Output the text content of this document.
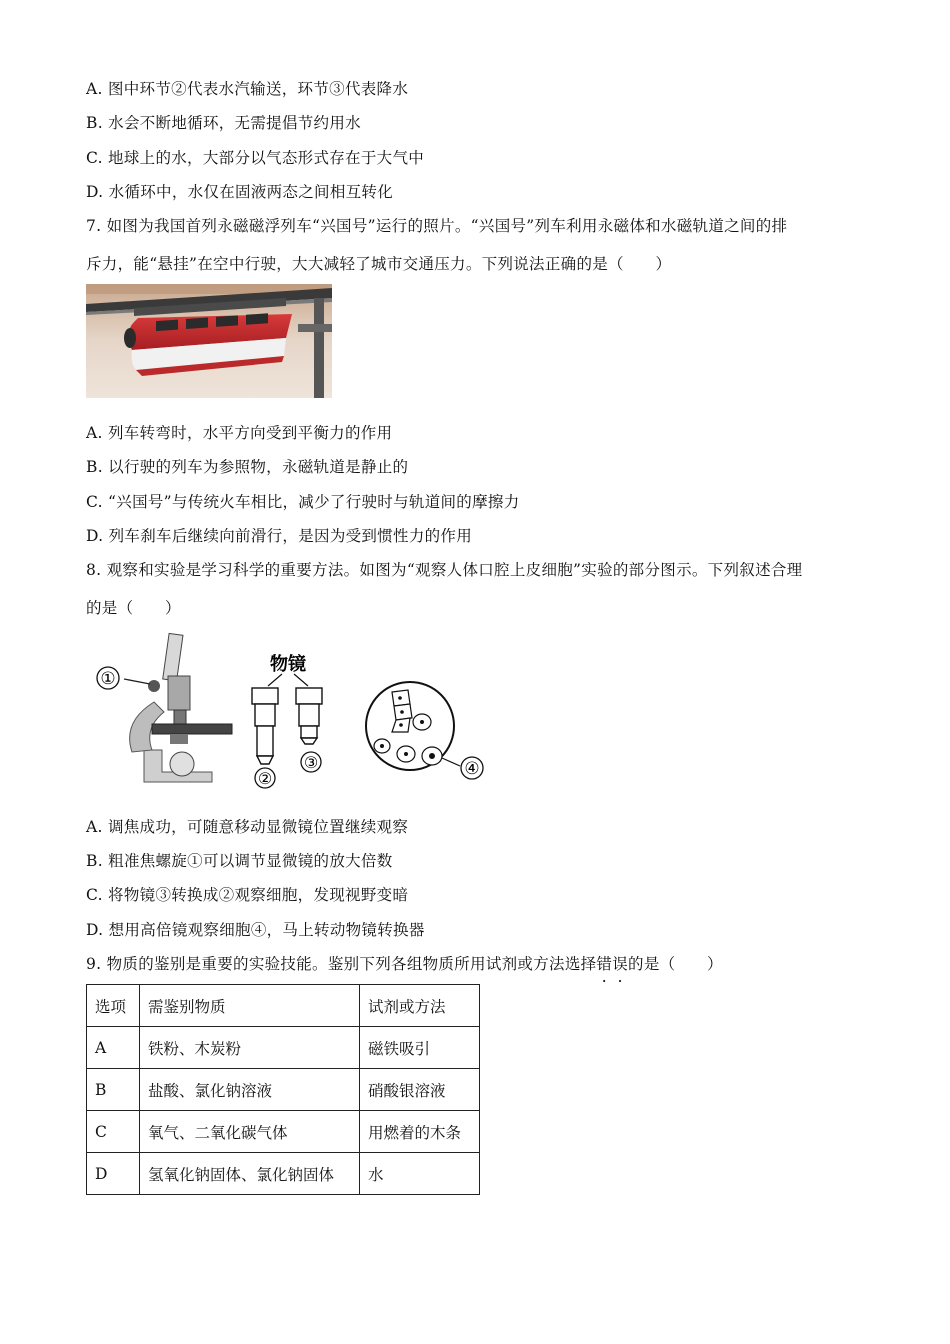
A. 图中环节②代表水汽输送，环节③代表降水
B. 水会不断地循环，无需提倡节约用水
C. 地球上的水，大部分以气态形式存在于大气中
D. 水循环中，水仅在固液两态之间相互转化
7. 如图为我国首列永磁磁浮列车“兴国号”运行的照片。“兴国号”列车利用永磁体和水磁轨道之间的排
斥力，能“悬挂”在空中行驶，大大减轻了城市交通压力。下列说法正确的是（　　）
A. 列车转弯时，水平方向受到平衡力的作用
B. 以行驶的列车为参照物，永磁轨道是静止的
C. “兴国号”与传统火车相比，减少了行驶时与轨道间的摩擦力
D. 列车刹车后继续向前滑行，是因为受到惯性力的作用
8. 观察和实验是学习科学的重要方法。如图为“观察人体口腔上皮细胞”实验的部分图示。下列叙述合理
的是（　　）
①
物镜
②
③	④
A. 调焦成功，可随意移动显微镜位置继续观察
B. 粗准焦螺旋①可以调节显微镜的放大倍数
C. 将物镜③转换成②观察细胞，发现视野变暗
D. 想用高倍镜观察细胞④，马上转动物镜转换器
9. 物质的鉴别是重要的实验技能。鉴别下列各组物质所用试剂或方法选择错误的是（　　）
选项	需鉴别物质	试剂或方法
A	铁粉、木炭粉	磁铁吸引
B	盐酸、氯化钠溶液	硝酸银溶液
C	氧气、二氧化碳气体	用燃着的木条
D	氢氧化钠固体、氯化钠固体	水
